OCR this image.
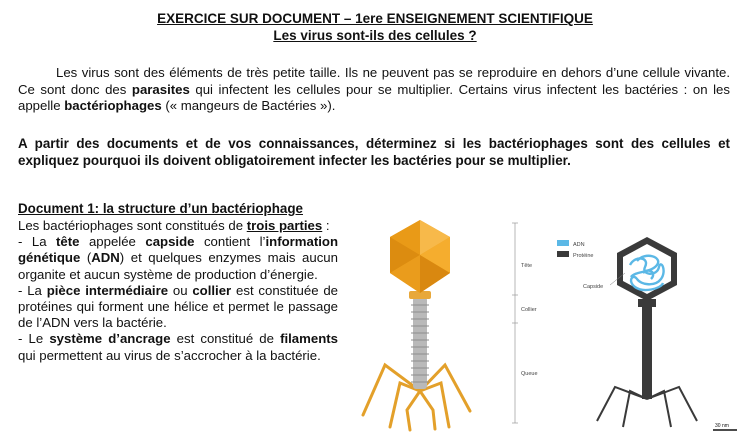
EXERCICE SUR DOCUMENT – 1ere ENSEIGNEMENT SCIENTIFIQUE
Les virus sont-ils des cellules ?
Les virus sont des éléments de très petite taille. Ils ne peuvent pas se reproduire en dehors d’une cellule vivante. Ce sont donc des parasites qui infectent les cellules pour se multiplier. Certains virus infectent les bactéries : on les appelle bactériophages (« mangeurs de Bactéries »).
A partir des documents et de vos connaissances, déterminez si les bactériophages sont des cellules et expliquez pourquoi ils doivent obligatoirement infecter les bactéries pour se multiplier.
Document 1: la structure d’un bactériophage
Les bactériophages sont constitués de trois parties :
- La tête appelée capside contient l’information génétique (ADN) et quelques enzymes mais aucun organite et aucun système de production d’énergie.
- La pièce intermédiaire ou collier est constituée de protéines qui forment une hélice et permet le passage de l’ADN vers la bactérie.
- Le système d’ancrage est constitué de filaments qui permettent au virus de s’accrocher à la bactérie.
Tête
Collier
Queue
ADN
Protéine
Capside
30 nm
